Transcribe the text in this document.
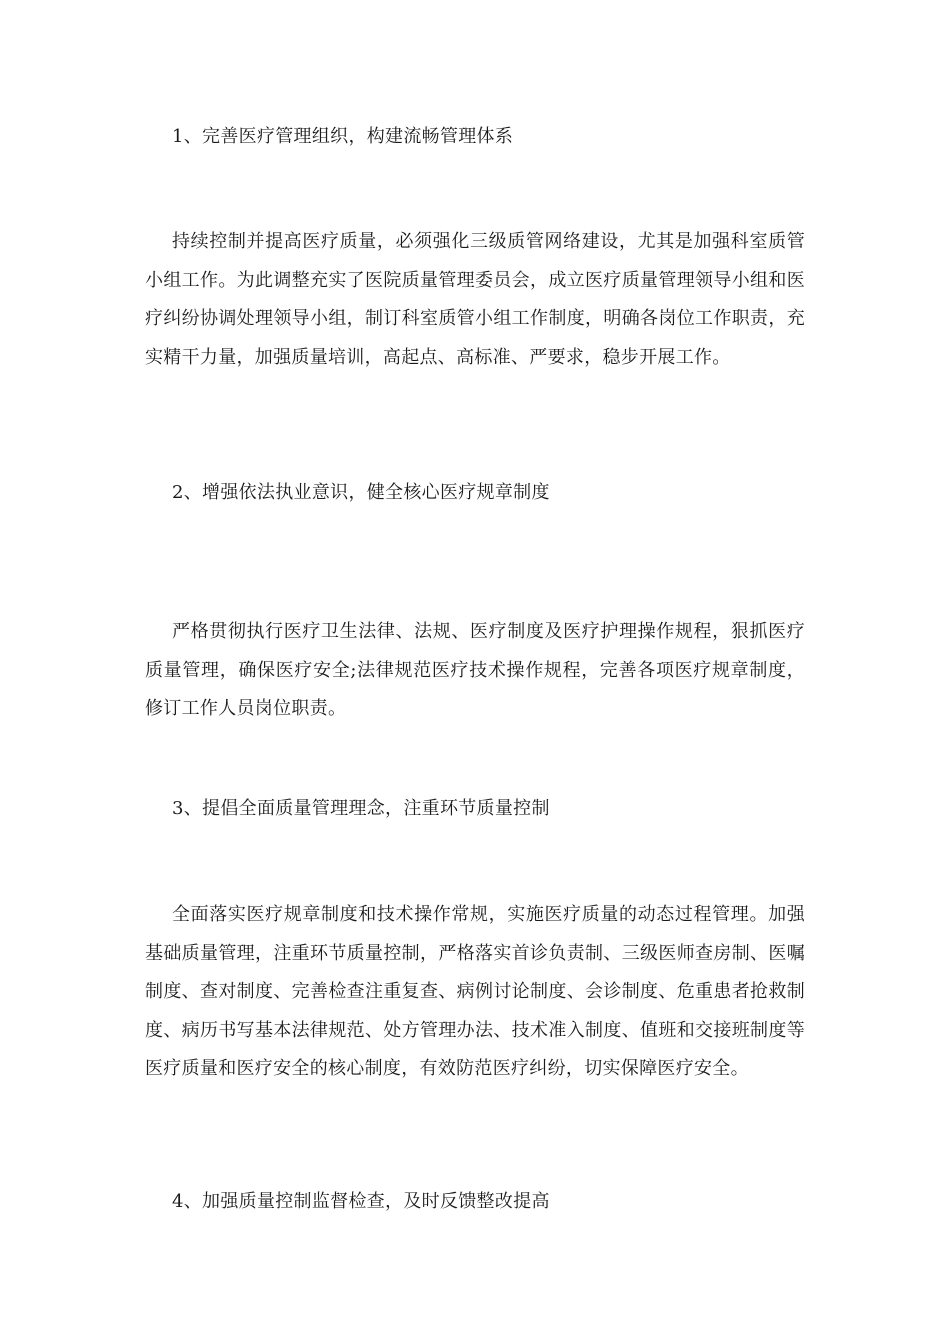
1、完善医疗管理组织，构建流畅管理体系

持续控制并提高医疗质量，必须强化三级质管网络建设，尤其是加强科室质管小组工作。为此调整充实了医院质量管理委员会，成立医疗质量管理领导小组和医疗纠纷协调处理领导小组，制订科室质管小组工作制度，明确各岗位工作职责，充实精干力量，加强质量培训，高起点、高标准、严要求，稳步开展工作。

2、增强依法执业意识，健全核心医疗规章制度

严格贯彻执行医疗卫生法律、法规、医疗制度及医疗护理操作规程，狠抓医疗质量管理，确保医疗安全;法律规范医疗技术操作规程，完善各项医疗规章制度，修订工作人员岗位职责。

3、提倡全面质量管理理念，注重环节质量控制

全面落实医疗规章制度和技术操作常规，实施医疗质量的动态过程管理。加强基础质量管理，注重环节质量控制，严格落实首诊负责制、三级医师查房制、医嘱制度、查对制度、完善检查注重复查、病例讨论制度、会诊制度、危重患者抢救制度、病历书写基本法律规范、处方管理办法、技术准入制度、值班和交接班制度等医疗质量和医疗安全的核心制度，有效防范医疗纠纷，切实保障医疗安全。

4、加强质量控制监督检查，及时反馈整改提高
